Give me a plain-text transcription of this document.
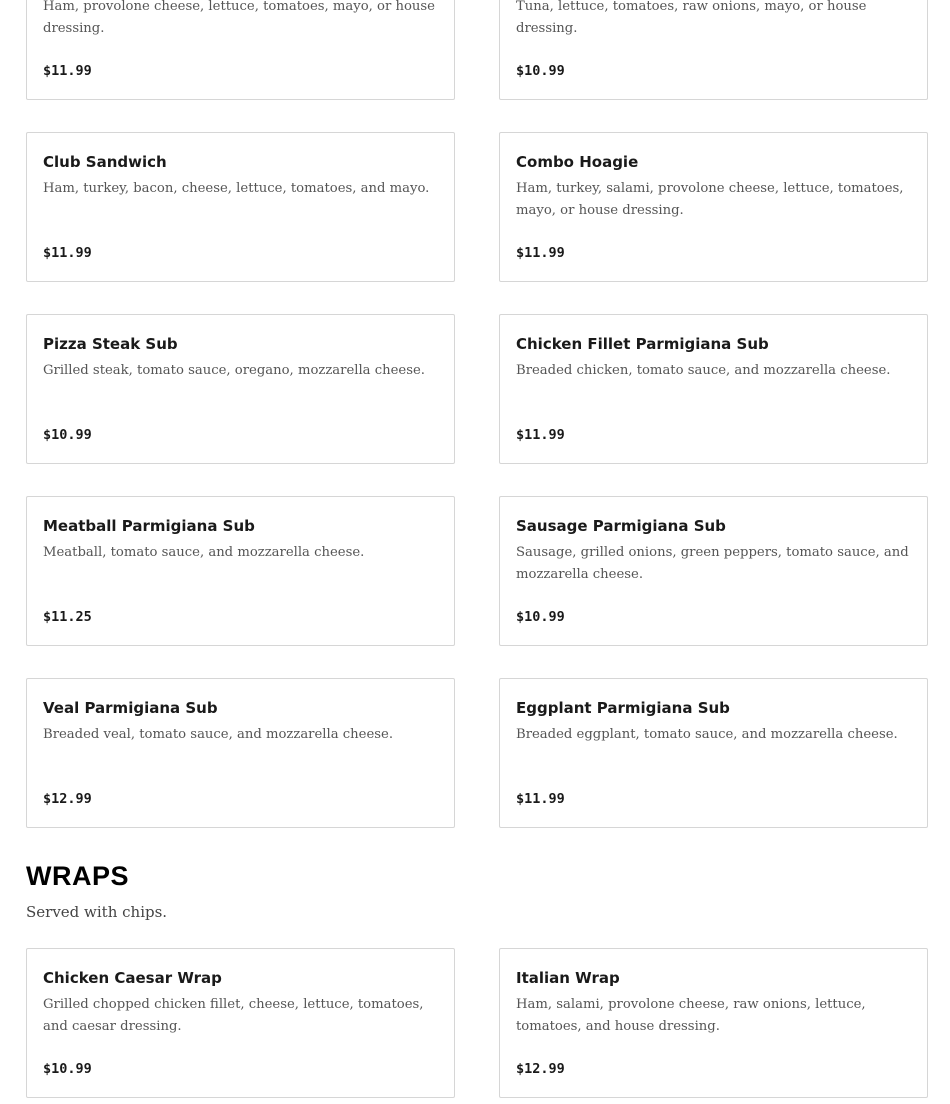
Ham, provolone cheese, lettuce, tomatoes, mayo, or house dressing.
$11.99
Tuna, lettuce, tomatoes, raw onions, mayo, or house dressing.
$10.99
Club Sandwich
Ham, turkey, bacon, cheese, lettuce, tomatoes, and mayo.
$11.99
Combo Hoagie
Ham, turkey, salami, provolone cheese, lettuce, tomatoes, mayo, or house dressing.
$11.99
Pizza Steak Sub
Grilled steak, tomato sauce, oregano, mozzarella cheese.
$10.99
Chicken Fillet Parmigiana Sub
Breaded chicken, tomato sauce, and mozzarella cheese.
$11.99
Meatball Parmigiana Sub
Meatball, tomato sauce, and mozzarella cheese.
$11.25
Sausage Parmigiana Sub
Sausage, grilled onions, green peppers, tomato sauce, and mozzarella cheese.
$10.99
Veal Parmigiana Sub
Breaded veal, tomato sauce, and mozzarella cheese.
$12.99
Eggplant Parmigiana Sub
Breaded eggplant, tomato sauce, and mozzarella cheese.
$11.99
WRAPS

Served with chips.

Chicken Caesar Wrap
Grilled chopped chicken fillet, cheese, lettuce, tomatoes, and caesar dressing.
$10.99
Italian Wrap
Ham, salami, provolone cheese, raw onions, lettuce, tomatoes, and house dressing.
$12.99
